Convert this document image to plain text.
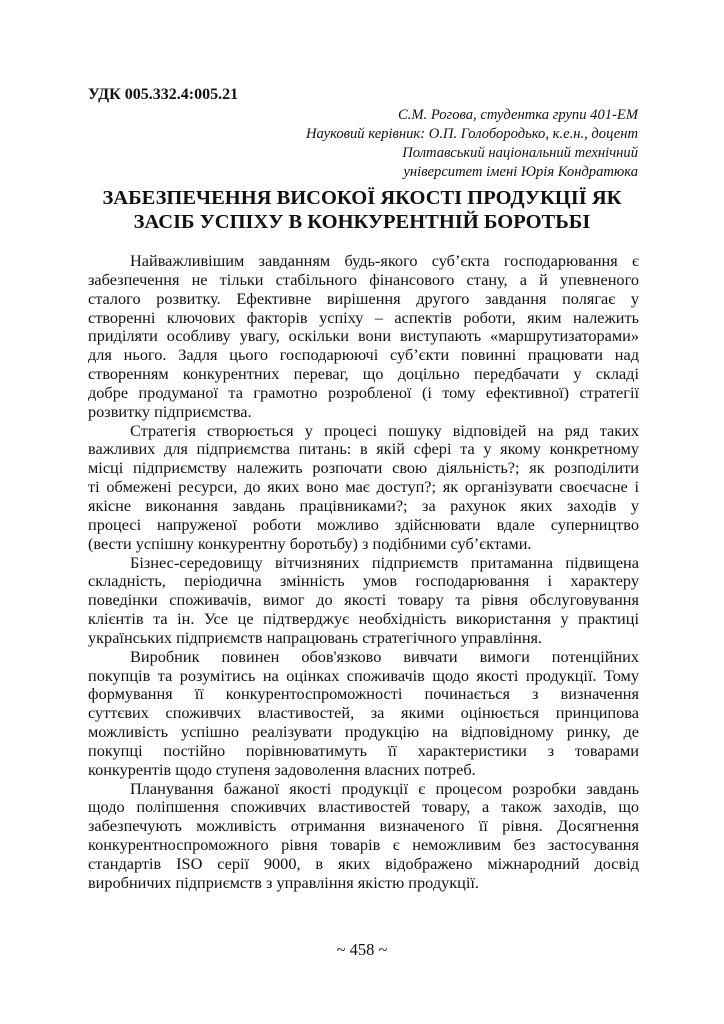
УДК 005.332.4:005.21
С.М. Рогова, студентка групи 401-ЕМ
Науковий керівник: О.П. Голобородько, к.е.н., доцент
Полтавський національний технічний
університет імені Юрія Кондратюка
ЗАБЕЗПЕЧЕННЯ ВИСОКОЇ ЯКОСТІ ПРОДУКЦІЇ ЯК
ЗАСІБ УСПІХУ В КОНКУРЕНТНІЙ БОРОТЬБІ
Найважливішим завданням будь-якого суб’єкта господарювання є
забезпечення не тільки стабільного фінансового стану, а й упевненого
сталого розвитку. Ефективне вирішення другого завдання полягає у
створенні ключових факторів успіху – аспектів роботи, яким належить
приділяти особливу увагу, оскільки вони виступають «маршрутизаторами»
для нього. Задля цього господарюючі суб’єкти повинні працювати над
створенням конкурентних переваг, що доцільно передбачати у складі
добре продуманої та грамотно розробленої (і тому ефективної) стратегії
розвитку підприємства.
Стратегія створюється у процесі пошуку відповідей на ряд таких
важливих для підприємства питань: в якій сфері та у якому конкретному
місці підприємству належить розпочати свою діяльність?; як розподілити
ті обмежені ресурси, до яких воно має доступ?; як організувати своєчасне і
якісне виконання завдань працівниками?; за рахунок яких заходів у
процесі напруженої роботи можливо здійснювати вдале суперництво
(вести успішну конкурентну боротьбу) з подібними суб’єктами.
Бізнес-середовищу вітчизняних підприємств притаманна підвищена
складність, періодична змінність умов господарювання і характеру
поведінки споживачів, вимог до якості товару та рівня обслуговування
клієнтів та ін. Усе це підтверджує необхідність використання у практиці
українських підприємств напрацювань стратегічного управління.
Виробник повинен обов'язково вивчати вимоги потенційних
покупців та розумітись на оцінках споживачів щодо якості продукції. Тому
формування її конкурентоспроможності починається з визначення
суттєвих споживчих властивостей, за якими оцінюється принципова
можливість успішно реалізувати продукцію на відповідному ринку, де
покупці постійно порівнюватимуть її характеристики з товарами
конкурентів щодо ступеня задоволення власних потреб.
Планування бажаної якості продукції є процесом розробки завдань
щодо поліпшення споживчих властивостей товару, а також заходів, що
забезпечують можливість отримання визначеного її рівня. Досягнення
конкурентноспроможного рівня товарів є неможливим без застосування
стандартів ISO серії 9000, в яких відображено міжнародний досвід
виробничих підприємств з управління якістю продукції.
~ 458 ~
